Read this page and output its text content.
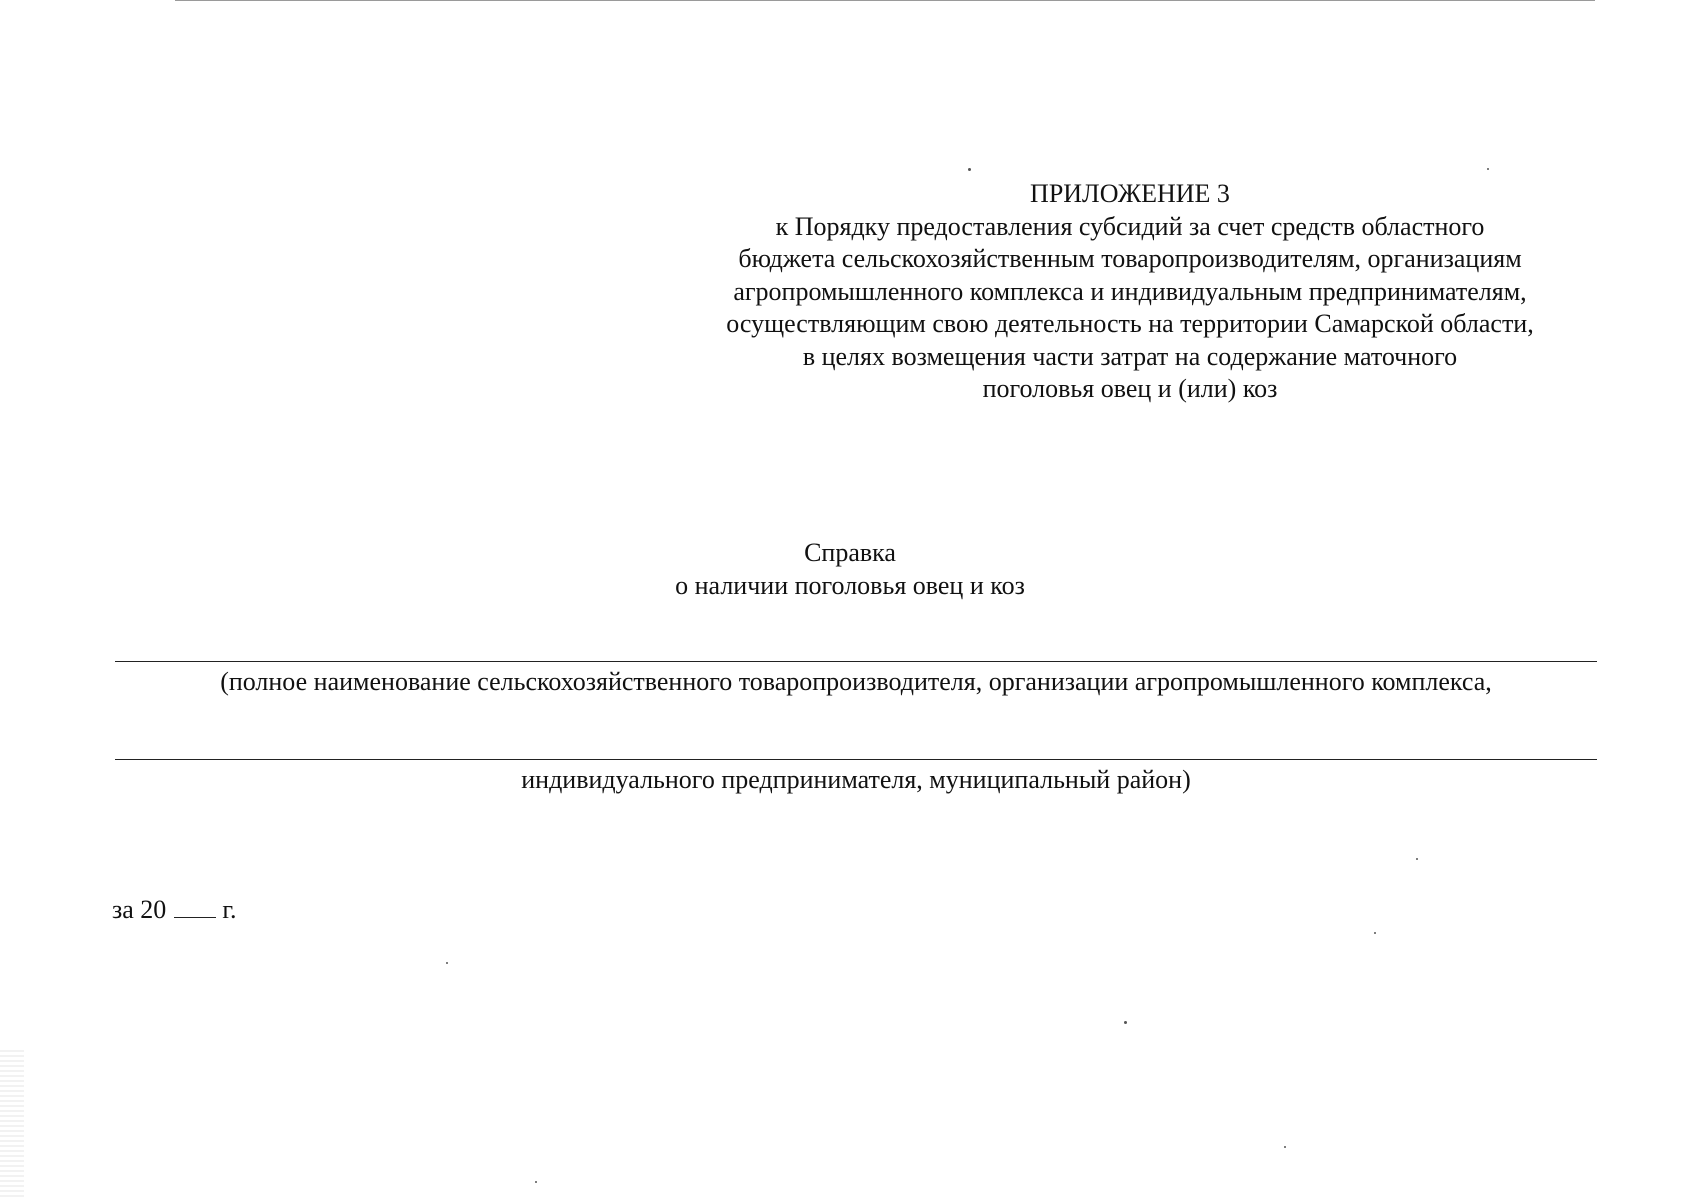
ПРИЛОЖЕНИЕ 3
к Порядку предоставления субсидий за счет средств областного
бюджета сельскохозяйственным товаропроизводителям, организациям
агропромышленного комплекса и индивидуальным предпринимателям,
осуществляющим свою деятельность на территории Самарской области,
в целях возмещения части затрат на содержание маточного
поголовья овец и (или) коз
Справка
о наличии поголовья овец и коз
(полное наименование сельскохозяйственного товаропроизводителя, организации агропромышленного комплекса,
индивидуального предпринимателя, муниципальный район)
за 20 г.
